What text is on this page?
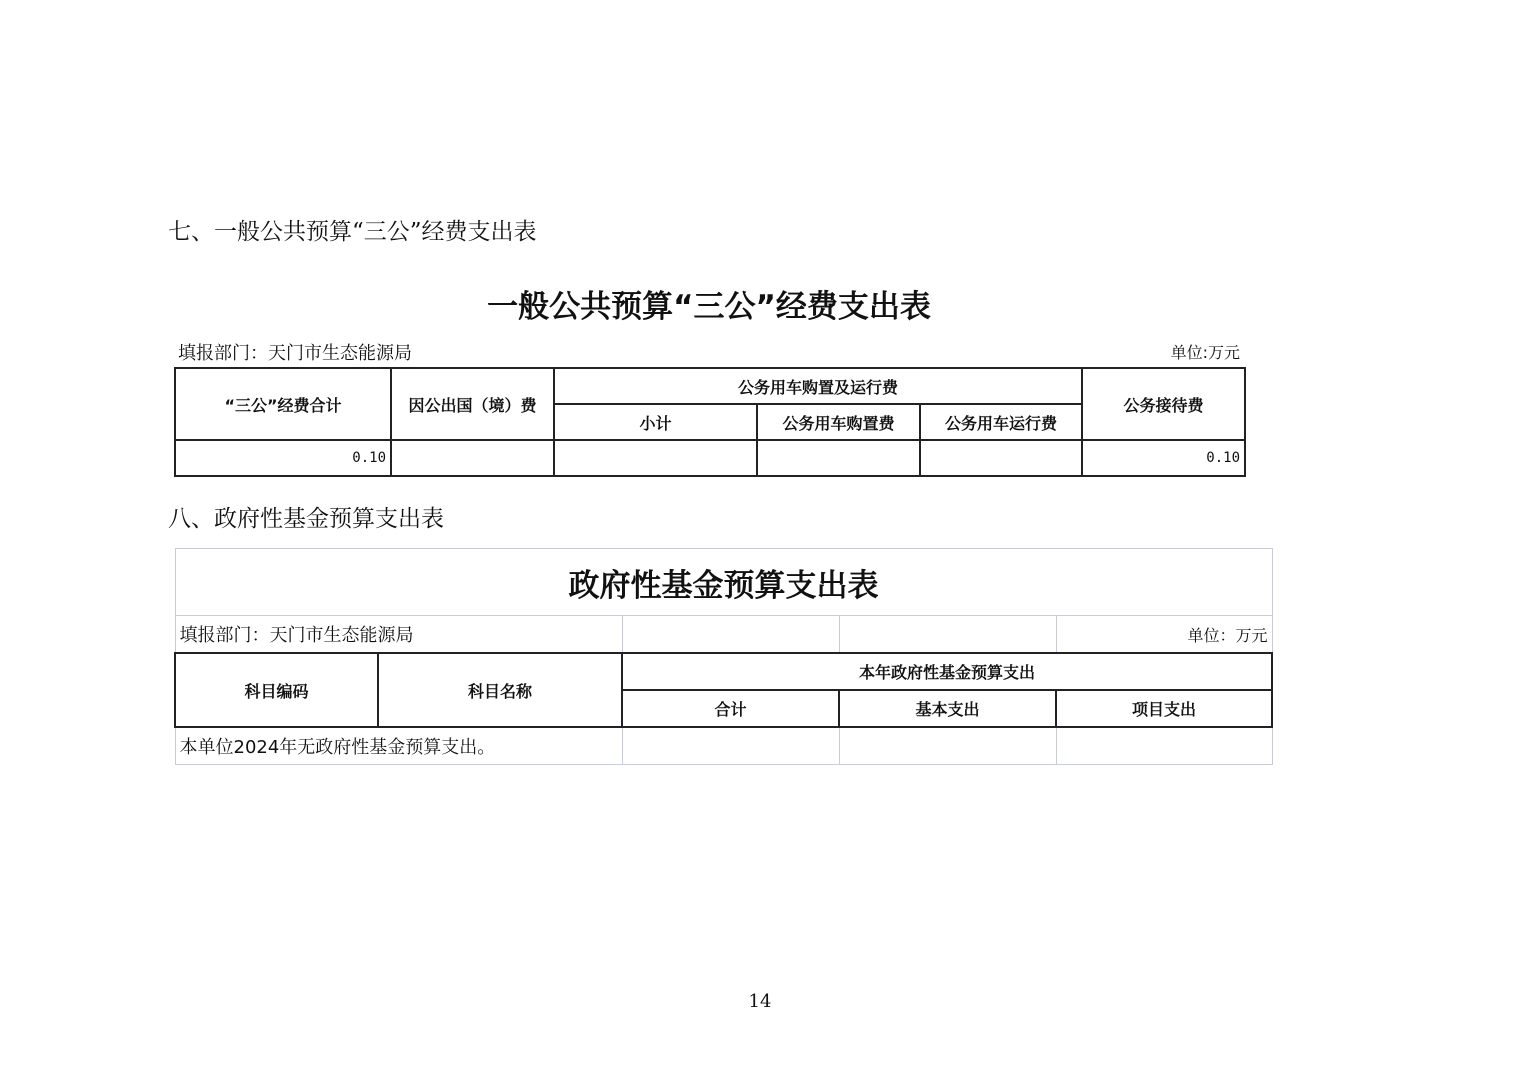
七、一般公共预算“三公”经费支出表
一般公共预算“三公”经费支出表
填报部门：天门市生态能源局	单位:万元
“三公”经费合计	因公出国（境）费	公务用车购置及运行费			公务接待费
		小计	公务用车购置费	公务用车运行费	
0.10					0.10
八、政府性基金预算支出表
政府性基金预算支出表				
填报部门：天门市生态能源局				单位：万元
科目编码	科目名称	本年政府性基金预算支出		
		合计	基本支出	项目支出
本单位2024年无政府性基金预算支出。				
14
